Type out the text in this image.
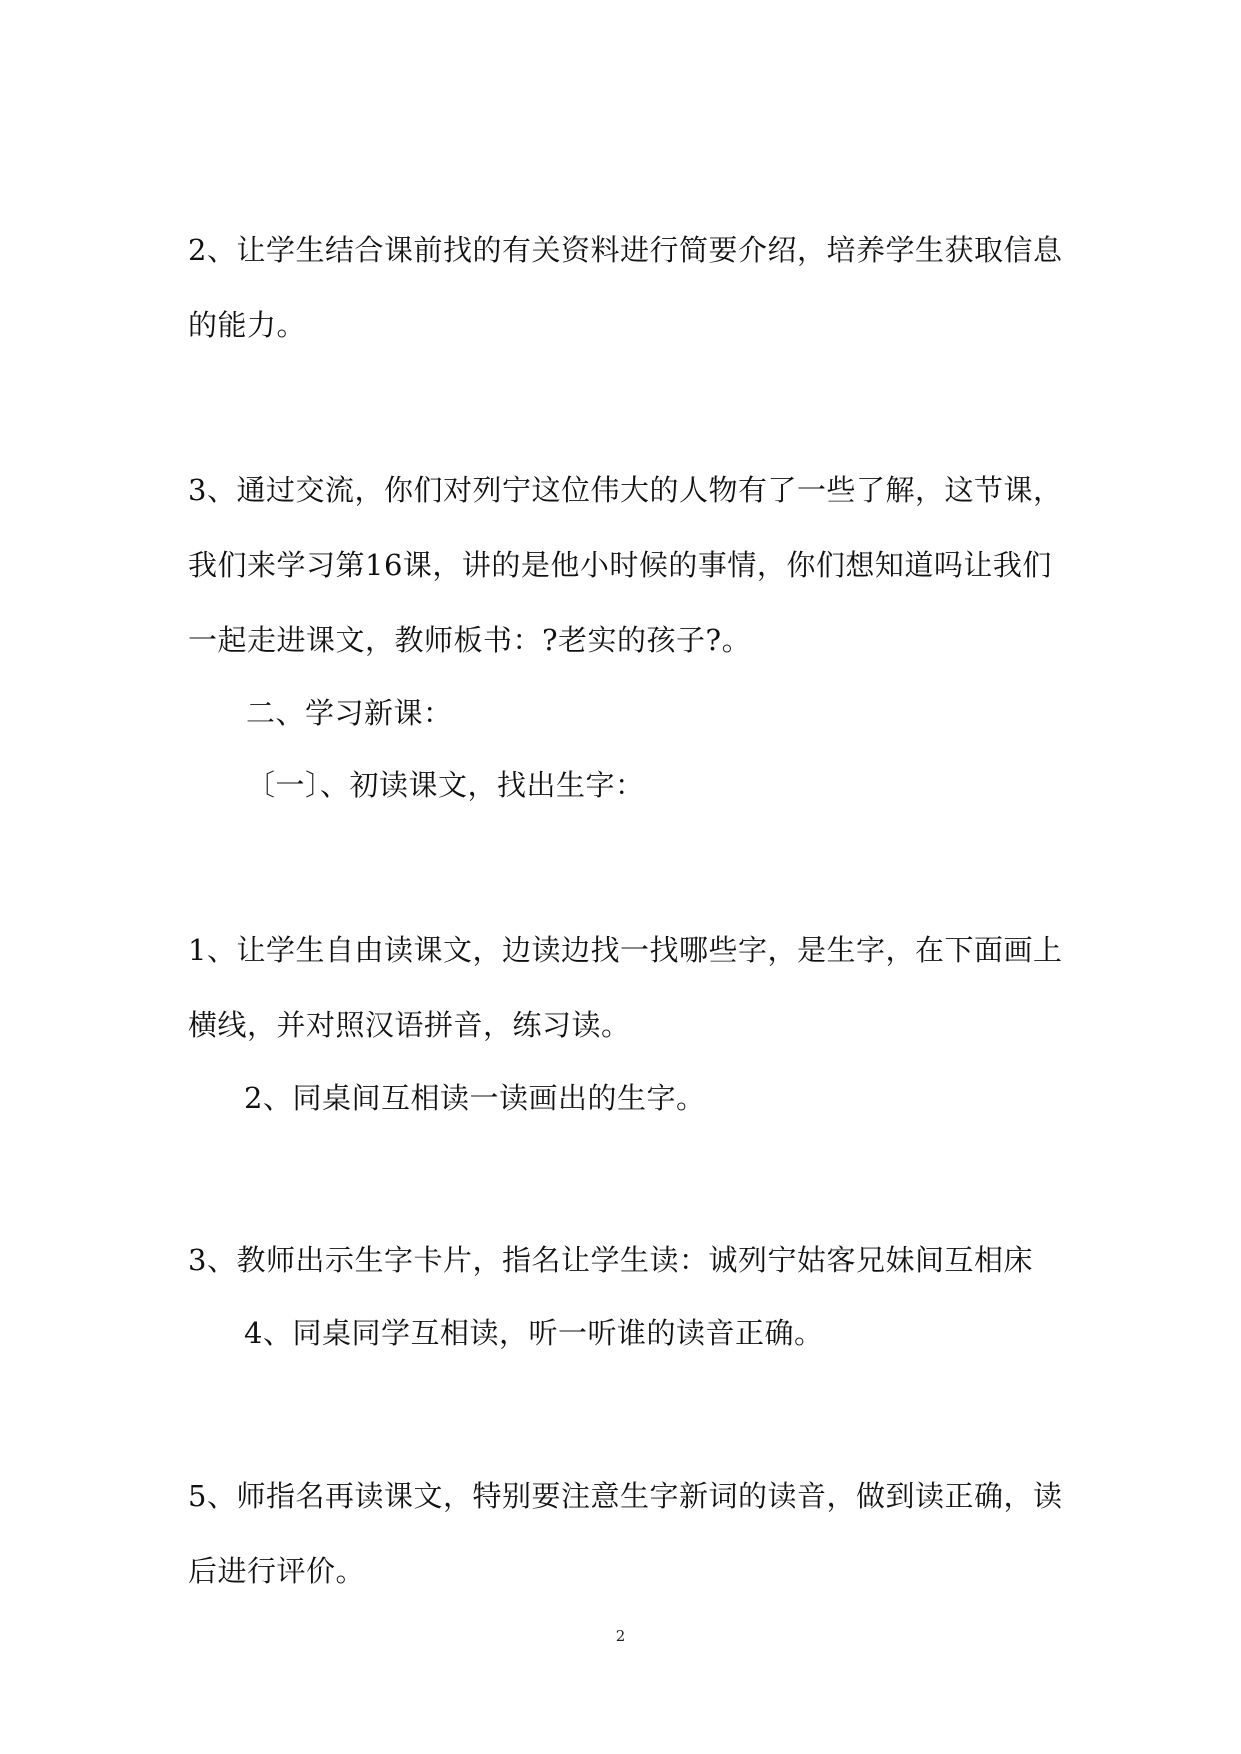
2、让学生结合课前找的有关资料进行简要介绍，培养学生获取信息
的能力。
3、通过交流，你们对列宁这位伟大的人物有了一些了解，这节课，
我们来学习第16课，讲的是他小时候的事情，你们想知道吗让我们
一起走进课文，教师板书：?老实的孩子?。
二、学习新课：
〔一〕、初读课文，找出生字：
1、让学生自由读课文，边读边找一找哪些字，是生字，在下面画上
横线，并对照汉语拼音，练习读。
2、同桌间互相读一读画出的生字。
3、教师出示生字卡片，指名让学生读：诚列宁姑客兄妹间互相床
4、同桌同学互相读，听一听谁的读音正确。
5、师指名再读课文，特别要注意生字新词的读音，做到读正确，读
后进行评价。
2
